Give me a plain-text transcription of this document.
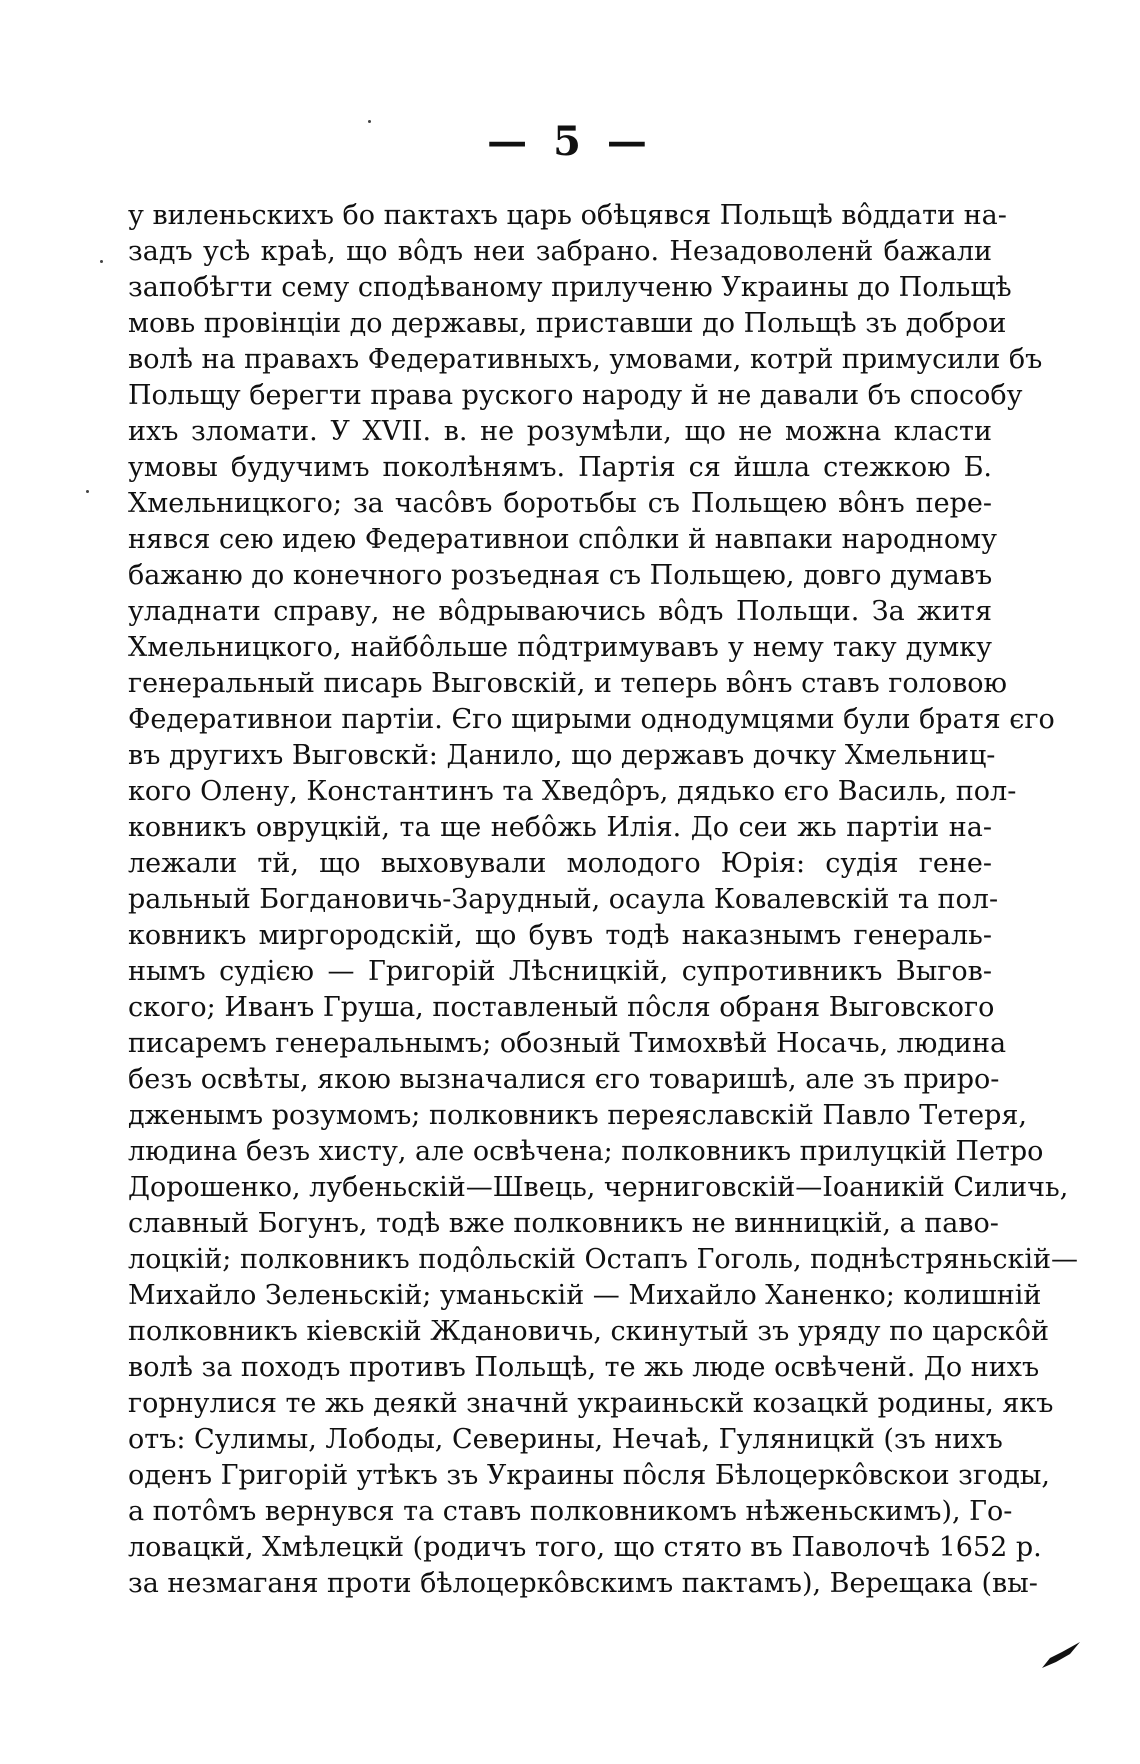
— 5 —
у виленьскихъ бо пактахъ царь обѣцявся Польщѣ вôддати на-
задъ усѣ краѣ, що вôдъ неи забрано. Незадоволенй бажали
запобѣгти сему сподѣваному прилученю Украины до Польщѣ
мовь провінціи до державы, приставши до Польщѣ зъ доброи
волѣ на правахъ Федеративныхъ, умовами, котрй примусили бъ
Польщу берегти права руского народу й не давали бъ способу
ихъ зломати. У XVII. в. не розумѣли, що не можна класти
умовы будучимъ поколѣнямъ. Партія ся йшла стежкою Б.
Хмельницкого; за часôвъ боротьбы съ Польщею вôнъ пере-
нявся сею идею Федеративнои спôлки й навпаки народному
бажаню до конечного розъедная съ Польщею, довго думавъ
уладнати справу, не вôдрываючись вôдъ Польщи. За житя
Хмельницкого, найбôльше пôдтримувавъ у нему таку думку
генеральный писарь Выговскій, и теперь вôнъ ставъ головою
Федеративнои партіи. Єго щирыми однодумцями були братя єго
въ другихъ Выговскй: Данило, що державъ дочку Хмельниц-
кого Олену, Константинъ та Хведôръ, дядько єго Василь, пол-
ковникъ овруцкій, та ще небôжь Илія. До сеи жь партіи на-
лежали тй, що выховували молодого Юрія: судія гене-
ральный Богдановичь-Зарудный, осаула Ковалевскій та пол-
ковникъ миргородскій, що бувъ тодѣ наказнымъ генераль-
нымъ судією — Григорій Лѣсницкій, супротивникъ Выгов-
ского; Иванъ Груша, поставленый пôсля обраня Выговского
писаремъ генеральнымъ; обозный Тимохвѣй Носачь, людина
безъ освѣты, якою вызначалися єго товаришѣ, але зъ приро-
дженымъ розумомъ; полковникъ переяславскій Павло Тетеря,
людина безъ хисту, але освѣчена; полковникъ прилуцкій Петро
Дорошенко, лубеньскій—Швець, черниговскій—Іоаникій Силичь,
славный Богунъ, тодѣ вже полковникъ не винницкій, а паво-
лоцкій; полковникъ подôльскій Остапъ Гоголь, поднѣстряньскій—
Михайло Зеленьскій; уманьскій — Михайло Ханенко; колишній
полковникъ кіевскій Ждановичь, скинутый зъ уряду по царскôй
волѣ за походъ противъ Польщѣ, те жь люде освѣченй. До нихъ
горнулися те жь деякй значнй украиньскй козацкй родины, якъ
отъ: Сулимы, Лободы, Северины, Нечаѣ, Гуляницкй (зъ нихъ
оденъ Григорій утѣкъ зъ Украины пôсля Бѣлоцеркôвскои згоды,
а потôмъ вернувся та ставъ полковникомъ нѣженьскимъ), Го-
ловацкй, Хмѣлецкй (родичъ того, що стято въ Паволочѣ 1652 р.
за незмаганя проти бѣлоцеркôвскимъ пактамъ), Верещака (вы-
